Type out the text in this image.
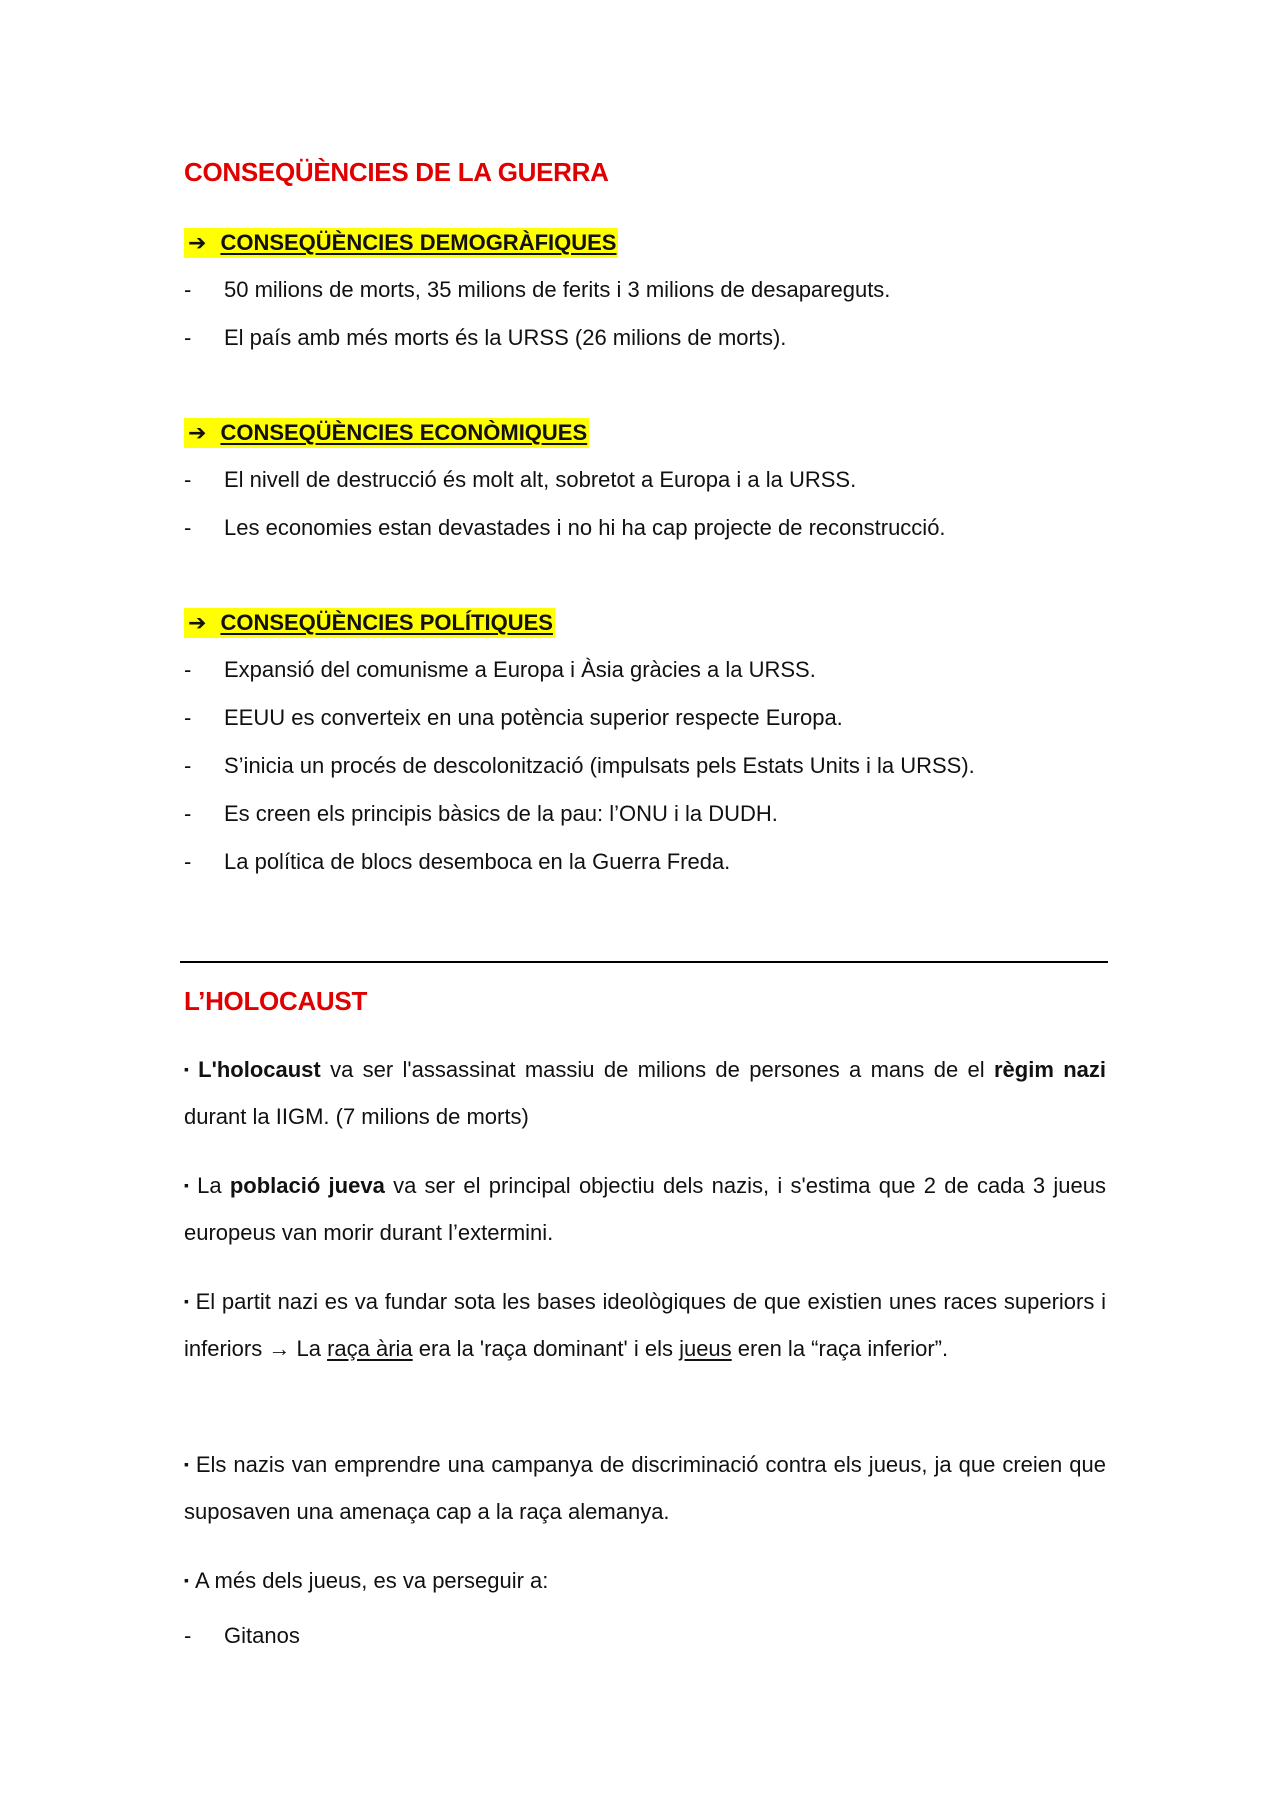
CONSEQÜÈNCIES DE LA GUERRA
➔ CONSEQÜÈNCIES DEMOGRÀFIQUES
- 50 milions de morts, 35 milions de ferits i 3 milions de desapareguts.
- El país amb més morts és la URSS (26 milions de morts).
➔ CONSEQÜÈNCIES ECONÒMIQUES
- El nivell de destrucció és molt alt, sobretot a Europa i a la URSS.
- Les economies estan devastades i no hi ha cap projecte de reconstrucció.
➔ CONSEQÜÈNCIES POLÍTIQUES
- Expansió del comunisme a Europa i Àsia gràcies a la URSS.
- EEUU es converteix en una potència superior respecte Europa.
- S’inicia un procés de descolonització (impulsats pels Estats Units i la URSS).
- Es creen els principis bàsics de la pau: l’ONU i la DUDH.
- La política de blocs desemboca en la Guerra Freda.
L’HOLOCAUST
▪ L'holocaust va ser l'assassinat massiu de milions de persones a mans de el règim nazi durant la IIGM. (7 milions de morts)
▪ La població jueva va ser el principal objectiu dels nazis, i s'estima que 2 de cada 3 jueus europeus van morir durant l’extermini.
▪ El partit nazi es va fundar sota les bases ideològiques de que existien unes races superiors i inferiors → La raça ària era la 'raça dominant' i els jueus eren la “raça inferior”.
▪ Els nazis van emprendre una campanya de discriminació contra els jueus, ja que creien que suposaven una amenaça cap a la raça alemanya.
▪ A més dels jueus, es va perseguir a:
- Gitanos
